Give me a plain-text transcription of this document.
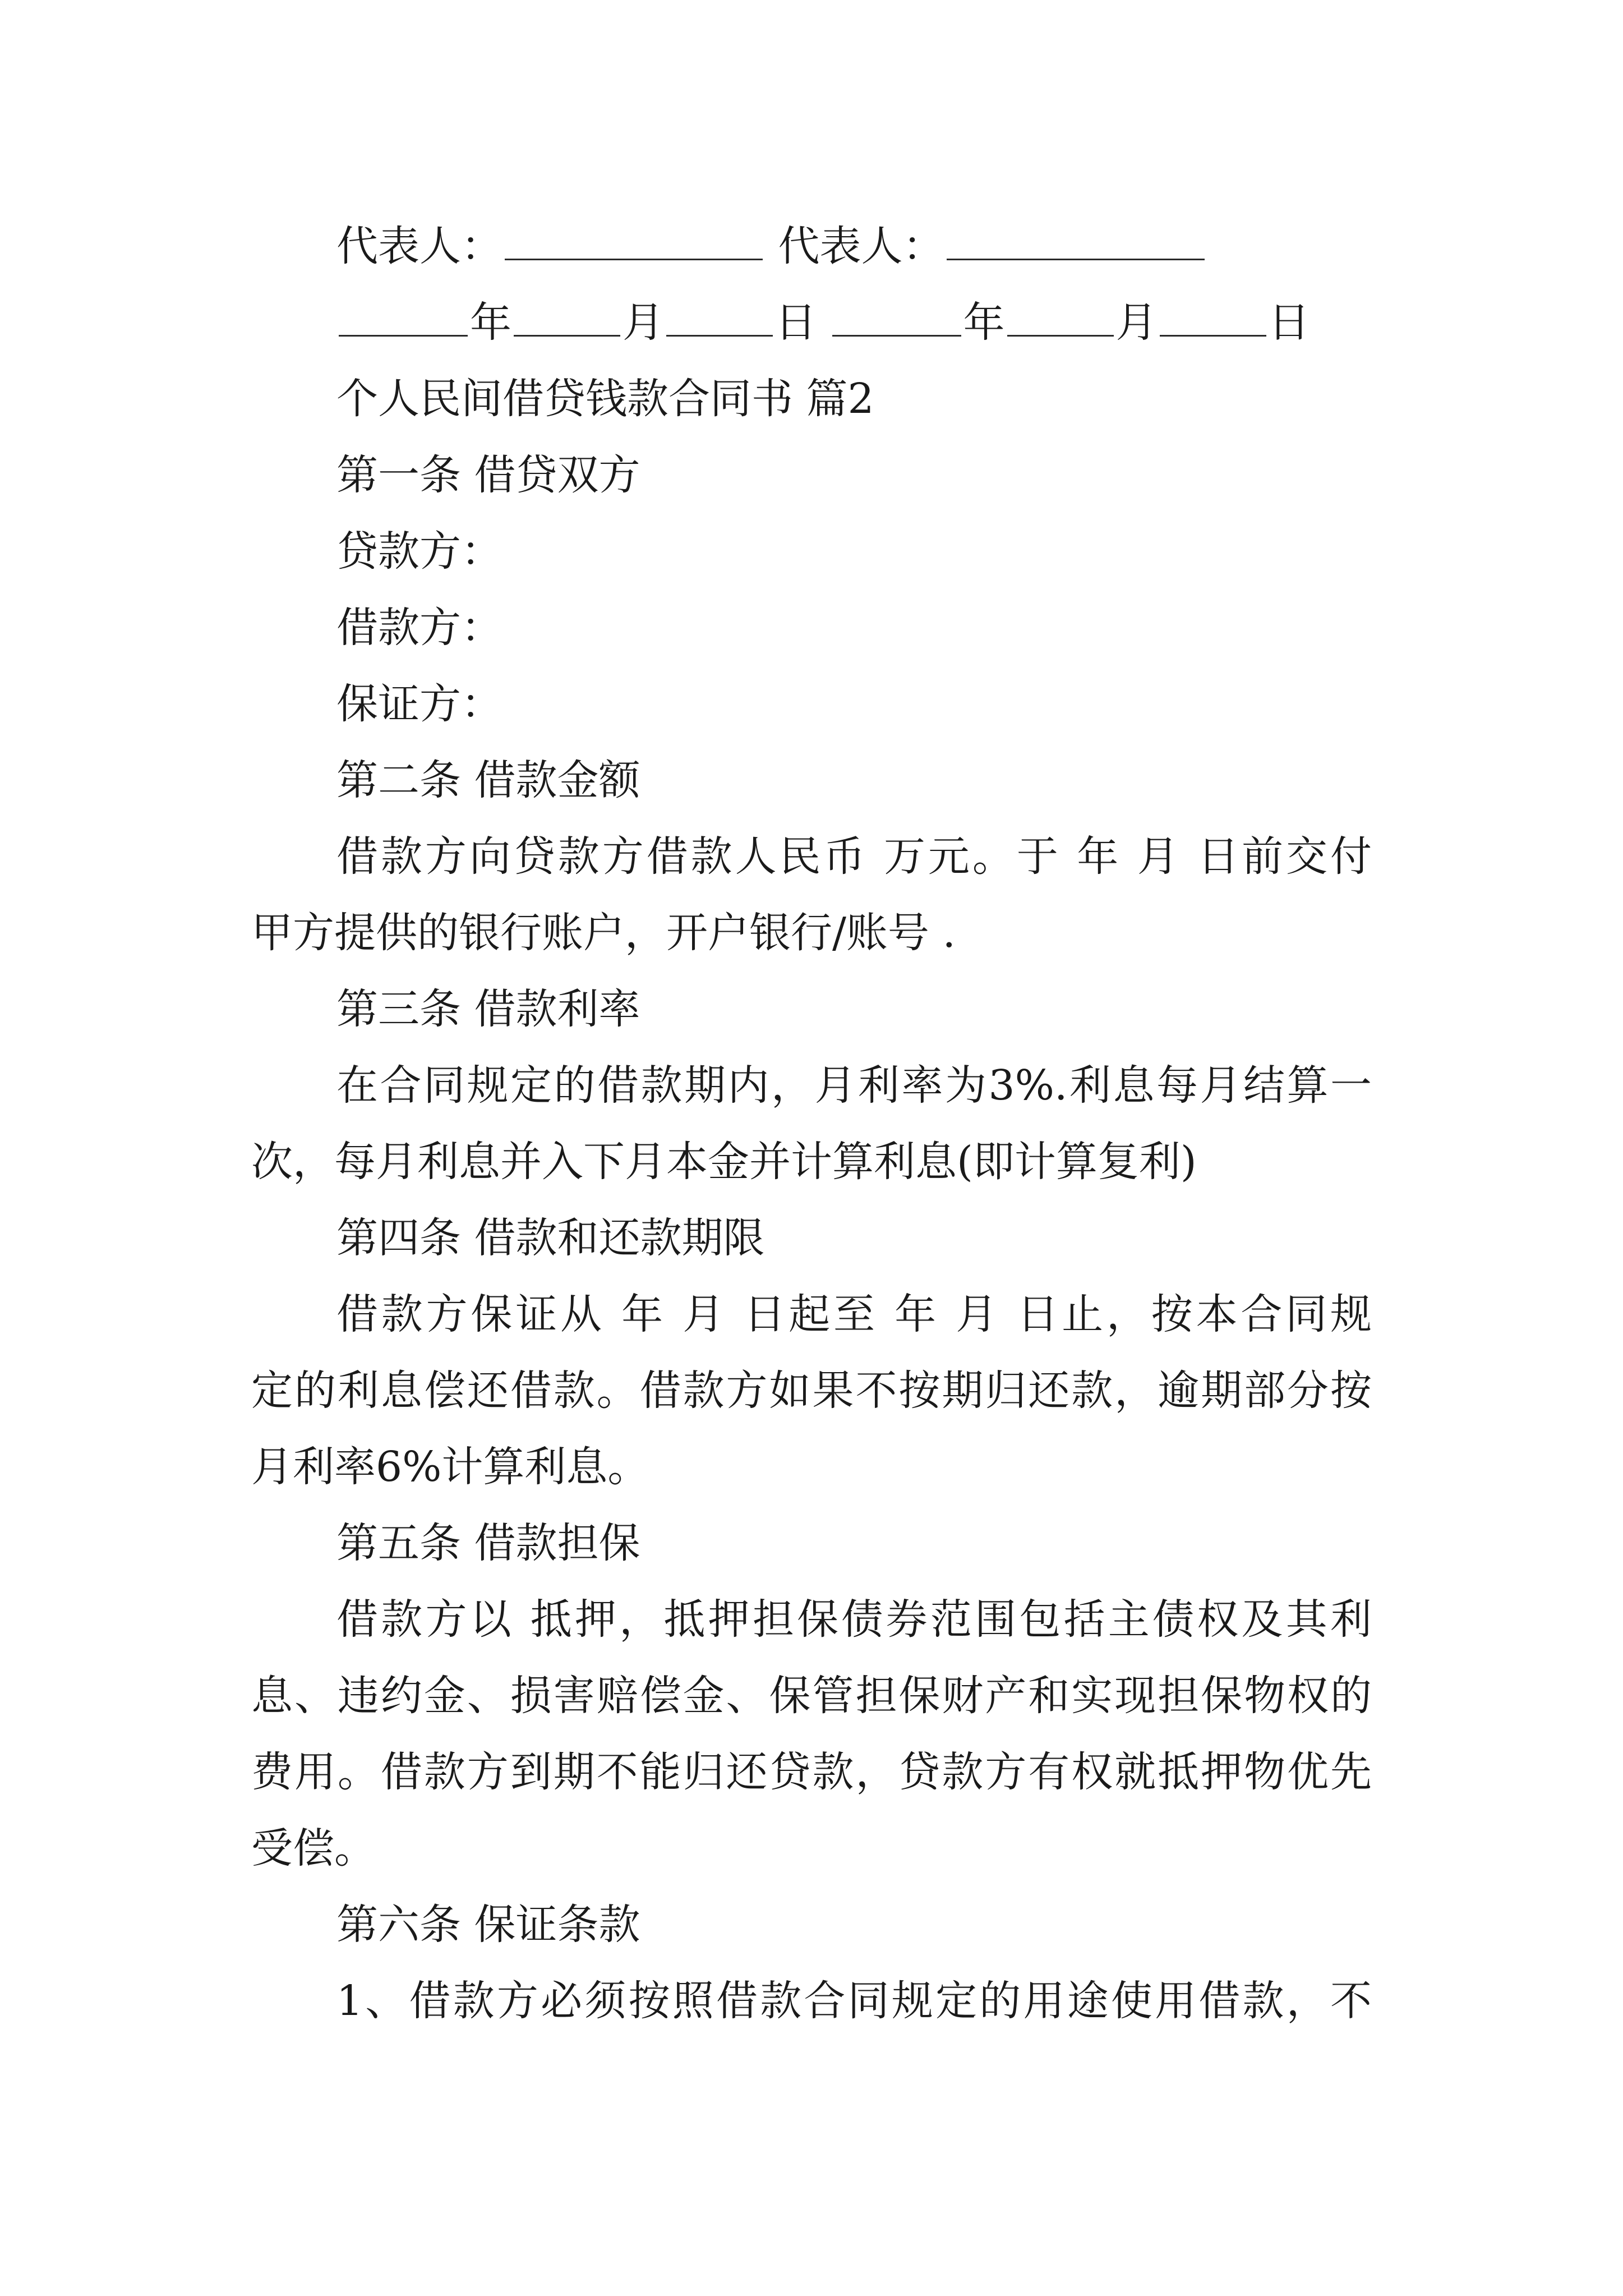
代表人：	代表人：
年	月	日	年	月	日
个人民间借贷钱款合同书 篇2
第一条 借贷双方
贷款方：
借款方：
保证方：
第二条 借款金额
借款方向贷款方借款人民币 万元。于 年 月 日前交付
甲方提供的银行账户，开户银行/账号 .
第三条 借款利率
在合同规定的借款期内，月利率为3%.利息每月结算一
次，每月利息并入下月本金并计算利息(即计算复利)
第四条 借款和还款期限
借款方保证从 年 月 日起至 年 月 日止，按本合同规
定的利息偿还借款。借款方如果不按期归还款，逾期部分按
月利率6%计算利息。
第五条 借款担保
借款方以 抵押，抵押担保债券范围包括主债权及其利
息、违约金、损害赔偿金、保管担保财产和实现担保物权的
费用。借款方到期不能归还贷款，贷款方有权就抵押物优先
受偿。
第六条 保证条款
1、借款方必须按照借款合同规定的用途使用借款，不
